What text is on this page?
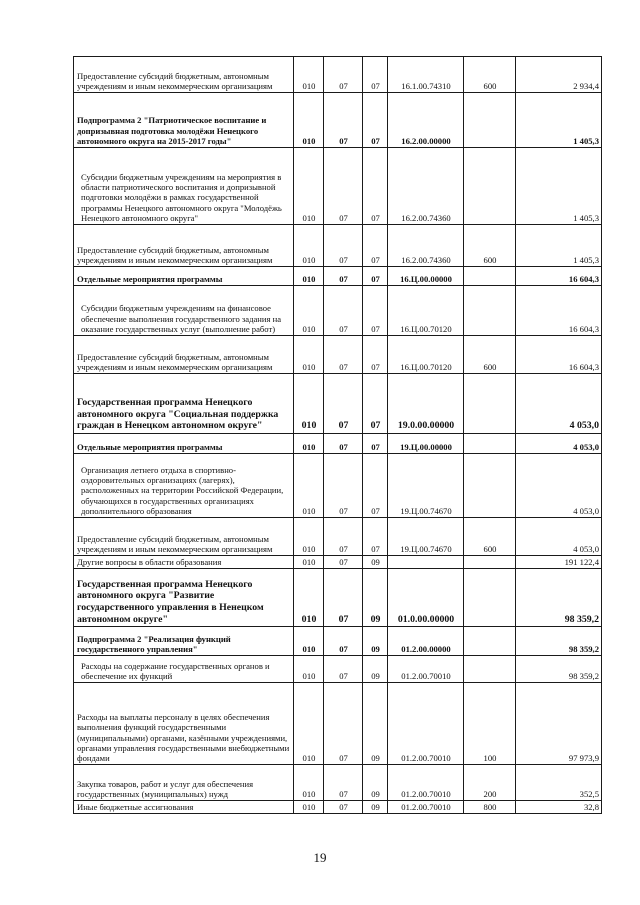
Предоставление субсидий бюджетным, автономным учреждениям и иным некоммерческим организациям	010	07	07	16.1.00.74310	600	2 934,4

Подпрограмма 2 "Патриотическое воспитание и допризывная подготовка молодёжи Ненецкого автономного округа на 2015-2017 годы"	010	07	07	16.2.00.00000		1 405,3

Субсидии бюджетным учреждениям на мероприятия в области патриотического воспитания и допризывной подготовки молодёжи в рамках государственной программы Ненецкого автономного округа "Молодёжь Ненецкого автономного округа"	010	07	07	16.2.00.74360		1 405,3

Предоставление субсидий бюджетным, автономным учреждениям и иным некоммерческим организациям	010	07	07	16.2.00.74360	600	1 405,3

Отдельные мероприятия программы	010	07	07	16.Ц.00.00000		16 604,3

Субсидии бюджетным учреждениям на финансовое обеспечение выполнения государственного задания на оказание государственных услуг (выполнение работ)	010	07	07	16.Ц.00.70120		16 604,3

Предоставление субсидий бюджетным, автономным учреждениям и иным некоммерческим организациям	010	07	07	16.Ц.00.70120	600	16 604,3

Государственная программа Ненецкого автономного округа "Социальная поддержка граждан в Ненецком автономном округе"	010	07	07	19.0.00.00000		4 053,0

Отдельные мероприятия программы	010	07	07	19.Ц.00.00000		4 053,0

Организация летнего отдыха в спортивно-оздоровительных организациях (лагерях), расположенных на территории Российской Федерации, обучающихся в государственных организациях дополнительного образования	010	07	07	19.Ц.00.74670		4 053,0

Предоставление субсидий бюджетным, автономным учреждениям и иным некоммерческим организациям	010	07	07	19.Ц.00.74670	600	4 053,0

Другие вопросы в области образования	010	07	09			191 122,4

Государственная программа Ненецкого автономного округа "Развитие государственного управления в Ненецком автономном округе"	010	07	09	01.0.00.00000		98 359,2

Подпрограмма 2 "Реализация функций государственного управления"	010	07	09	01.2.00.00000		98 359,2

Расходы на содержание государственных органов и обеспечение их функций	010	07	09	01.2.00.70010		98 359,2

Расходы на выплаты персоналу в целях обеспечения выполнения функций государственными (муниципальными) органами, казёнными учреждениями, органами управления государственными внебюджетными фондами	010	07	09	01.2.00.70010	100	97 973,9

Закупка товаров, работ и услуг для обеспечения государственных (муниципальных) нужд	010	07	09	01.2.00.70010	200	352,5

Иные бюджетные ассигнования	010	07	09	01.2.00.70010	800	32,8
19
